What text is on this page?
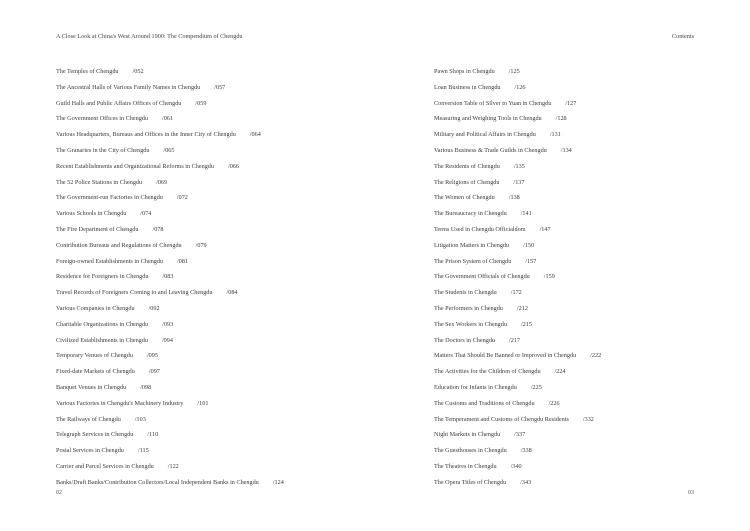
A Close Look at China's West Around 1900: The Compendium of Chengdu	Contents
The Temples of Chengdu /052
The Ancestral Halls of Various Family Names in Chengdu /057
Guild Halls and Public Affairs Offices of Chengdu /059
The Government Offices in Chengdu /061
Various Headquarters, Bureaus and Offices in the Inner City of Chengdu /064
The Granaries in the City of Chengdu /065
Recent Establishments and Organizational Reforms in Chengdu /066
The 52 Police Stations in Chengdu /069
The Government-run Factories in Chengdu /072
Various Schools in Chengdu /074
The Fire Department of Chengdu /078
Contribution Bureaus and Regulations of Chengdu /079
Foreign-owned Establishments in Chengdu /081
Residence for Foreigners in Chengdu /083
Travel Records of Foreigners Coming to and Leaving Chengdu /084
Various Companies in Chengdu /092
Charitable Organizations in Chengdu /093
Civilized Establishments in Chengdu /094
Temporary Venues of Chengdu /095
Fixed-date Markets of Chengdu /097
Banquet Venues in Chengdu /098
Various Factories in Chengdu's Machinery Industry /101
The Railways of Chengdu /103
Telegraph Services in Chengdu /110
Postal Services in Chengdu /115
Carrier and Parcel Services in Chengdu /122
Banks/Draft Banks/Contribution Collectors/Local Independent Banks in Chengdu /124
Pawn Shops in Chengdu /125
Loan Business in Chengdu /126
Conversion Table of Silver to Yuan in Chengdu /127
Measuring and Weighing Tools in Chengdu /128
Military and Political Affairs in Chengdu /131
Various Business & Trade Guilds in Chengdu /134
The Residents of Chengdu /135
The Religions of Chengdu /137
The Women of Chengdu /138
The Bureaucracy in Chengdu /141
Terms Used in Chengdu Officialdom /147
Litigation Matters in Chengdu /150
The Prison System of Chengdu /157
The Government Officials of Chengdu /159
The Students in Chengdu /172
The Performers in Chengdu /212
The Sex Workers in Chengdu /215
The Doctors in Chengdu /217
Matters That Should Be Banned or Improved in Chengdu /222
The Activities for the Children of Chengdu /224
Education for Infants in Chengdu /225
The Customs and Traditions of Chengdu /226
The Temperament and Customs of Chengdu Residents /332
Night Markets in Chengdu /337
The Guesthouses in Chengdu /338
The Theatres in Chengdu /340
The Opera Titles of Chengdu /343
02	03
